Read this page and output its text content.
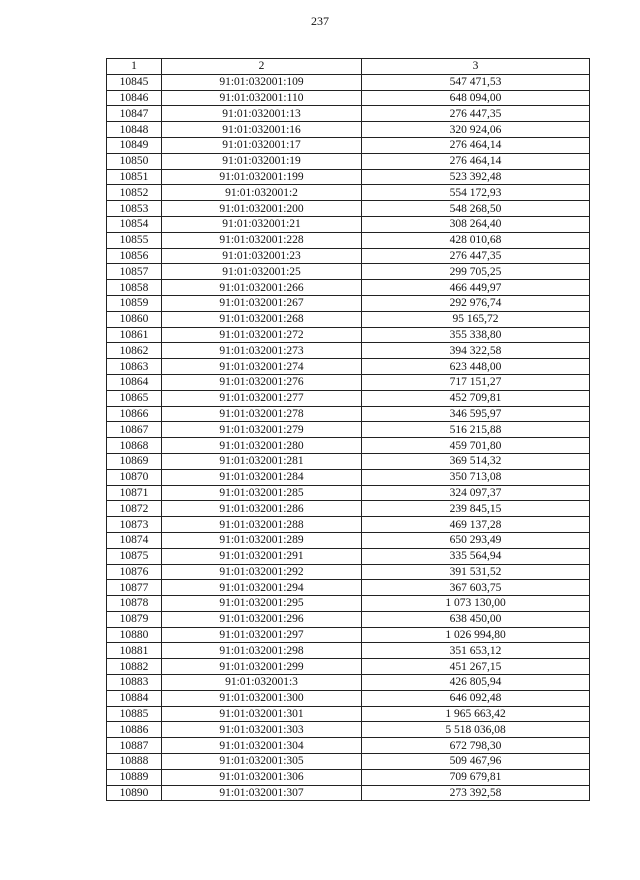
237
1	2	3
10845	91:01:032001:109	547 471,53
10846	91:01:032001:110	648 094,00
10847	91:01:032001:13	276 447,35
10848	91:01:032001:16	320 924,06
10849	91:01:032001:17	276 464,14
10850	91:01:032001:19	276 464,14
10851	91:01:032001:199	523 392,48
10852	91:01:032001:2	554 172,93
10853	91:01:032001:200	548 268,50
10854	91:01:032001:21	308 264,40
10855	91:01:032001:228	428 010,68
10856	91:01:032001:23	276 447,35
10857	91:01:032001:25	299 705,25
10858	91:01:032001:266	466 449,97
10859	91:01:032001:267	292 976,74
10860	91:01:032001:268	95 165,72
10861	91:01:032001:272	355 338,80
10862	91:01:032001:273	394 322,58
10863	91:01:032001:274	623 448,00
10864	91:01:032001:276	717 151,27
10865	91:01:032001:277	452 709,81
10866	91:01:032001:278	346 595,97
10867	91:01:032001:279	516 215,88
10868	91:01:032001:280	459 701,80
10869	91:01:032001:281	369 514,32
10870	91:01:032001:284	350 713,08
10871	91:01:032001:285	324 097,37
10872	91:01:032001:286	239 845,15
10873	91:01:032001:288	469 137,28
10874	91:01:032001:289	650 293,49
10875	91:01:032001:291	335 564,94
10876	91:01:032001:292	391 531,52
10877	91:01:032001:294	367 603,75
10878	91:01:032001:295	1 073 130,00
10879	91:01:032001:296	638 450,00
10880	91:01:032001:297	1 026 994,80
10881	91:01:032001:298	351 653,12
10882	91:01:032001:299	451 267,15
10883	91:01:032001:3	426 805,94
10884	91:01:032001:300	646 092,48
10885	91:01:032001:301	1 965 663,42
10886	91:01:032001:303	5 518 036,08
10887	91:01:032001:304	672 798,30
10888	91:01:032001:305	509 467,96
10889	91:01:032001:306	709 679,81
10890	91:01:032001:307	273 392,58
